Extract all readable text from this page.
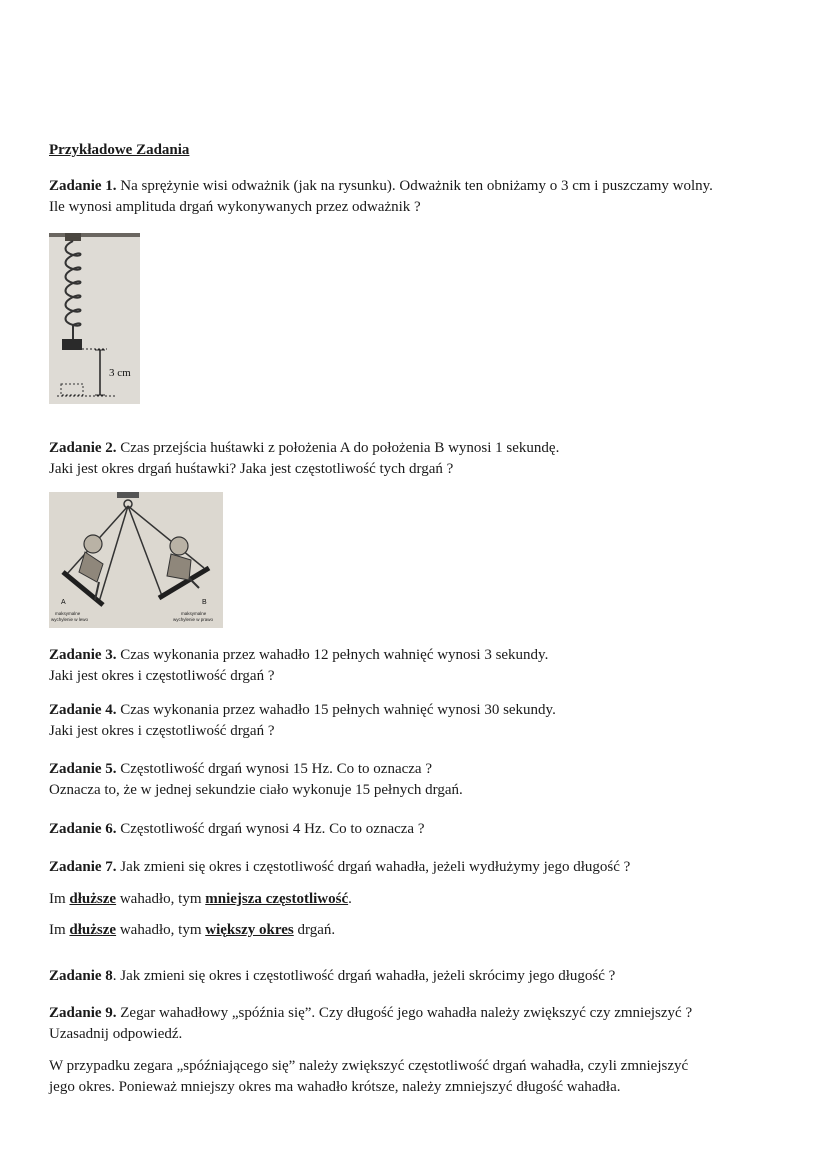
Przykładowe Zadania

Zadanie 1. Na sprężynie wisi odważnik (jak na rysunku). Odważnik ten obniżamy o 3 cm i puszczamy wolny.
Ile wynosi amplituda drgań wykonywanych przez odważnik ?

3 cm

Zadanie 2. Czas przejścia huśtawki z położenia A do położenia B wynosi 1 sekundę.
Jaki jest okres drgań huśtawki? Jaka jest częstotliwość tych drgań ?

A	B
maksymalne
wychylenie w lewo
maksymalne
wychylenie w prawo

Zadanie 3. Czas wykonania przez wahadło 12 pełnych wahnięć wynosi 3 sekundy.
Jaki jest okres i częstotliwość drgań ?

Zadanie 4. Czas wykonania przez wahadło 15 pełnych wahnięć wynosi 30 sekundy.
Jaki jest okres i częstotliwość drgań ?

Zadanie 5. Częstotliwość drgań wynosi 15 Hz. Co to oznacza ?
Oznacza to, że w jednej sekundzie ciało wykonuje 15 pełnych drgań.

Zadanie 6. Częstotliwość drgań wynosi 4 Hz. Co to oznacza ?

Zadanie 7. Jak zmieni się okres i częstotliwość drgań wahadła, jeżeli wydłużymy jego długość ?

Im dłuższe wahadło, tym mniejsza częstotliwość.

Im dłuższe wahadło, tym większy okres drgań.

Zadanie 8. Jak zmieni się okres i częstotliwość drgań wahadła, jeżeli skrócimy jego długość ?

Zadanie 9. Zegar wahadłowy „spóźnia się”. Czy długość jego wahadła należy zwiększyć czy zmniejszyć ?
Uzasadnij odpowiedź.

W przypadku zegara „spóźniającego się” należy zwiększyć częstotliwość drgań wahadła, czyli zmniejszyć
jego okres. Ponieważ mniejszy okres ma wahadło krótsze, należy zmniejszyć długość wahadła.
